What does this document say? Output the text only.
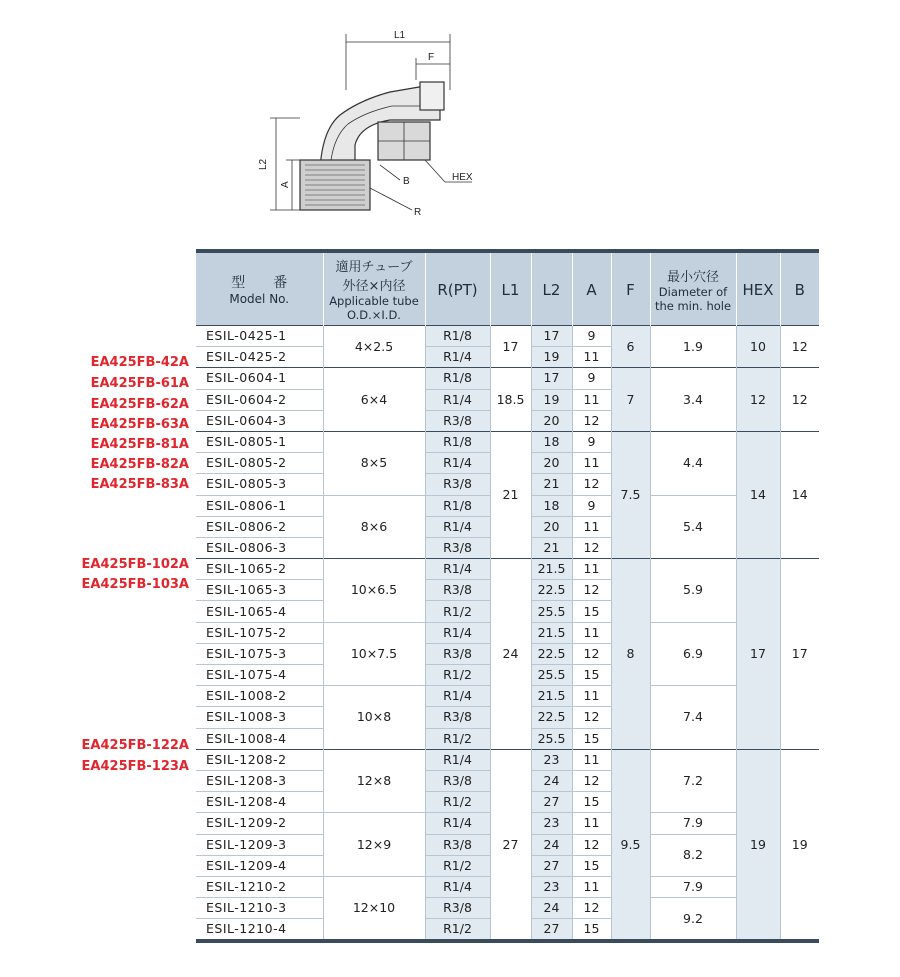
L1
F
L2
A	B	HEX
R
EA425FB-42A
EA425FB-61A
EA425FB-62A
EA425FB-63A
EA425FB-81A
EA425FB-82A
EA425FB-83A
EA425FB-102A
EA425FB-103A
EA425FB-122A
EA425FB-123A
型　　番
Model No.	適用チューブ
外径×内径
Applicable tube
O.D.×I.D.	R(PT)	L1	L2	A	F	最小穴径
Diameter of
the min. hole	HEX	B
ESIL-0425-1	4×2.5	R1/8	17	17	9	6	1.9	10	12
ESIL-0425-2		R1/4		19	11				
ESIL-0604-1	6×4	R1/8	18.5	17	9	7	3.4	12	12
ESIL-0604-2		R1/4		19	11				
ESIL-0604-3		R3/8		20	12				
ESIL-0805-1	8×5	R1/8	21	18	9	7.5	4.4	14	14
ESIL-0805-2		R1/4		20	11				
ESIL-0805-3		R3/8		21	12				
ESIL-0806-1	8×6	R1/8		18	9		5.4		
ESIL-0806-2		R1/4		20	11				
ESIL-0806-3		R3/8		21	12				
ESIL-1065-2	10×6.5	R1/4	24	21.5	11	8	5.9	17	17
ESIL-1065-3		R3/8		22.5	12				
ESIL-1065-4		R1/2		25.5	15				
ESIL-1075-2	10×7.5	R1/4		21.5	11		6.9		
ESIL-1075-3		R3/8		22.5	12				
ESIL-1075-4		R1/2		25.5	15				
ESIL-1008-2	10×8	R1/4		21.5	11		7.4		
ESIL-1008-3		R3/8		22.5	12				
ESIL-1008-4		R1/2		25.5	15				
ESIL-1208-2	12×8	R1/4	27	23	11	9.5	7.2	19	19
ESIL-1208-3		R3/8		24	12				
ESIL-1208-4		R1/2		27	15				
ESIL-1209-2	12×9	R1/4		23	11		7.9		
ESIL-1209-3		R3/8		24	12		8.2		
ESIL-1209-4		R1/2		27	15				
ESIL-1210-2	12×10	R1/4		23	11		7.9		
ESIL-1210-3		R3/8		24	12		9.2		
ESIL-1210-4		R1/2		27	15				
